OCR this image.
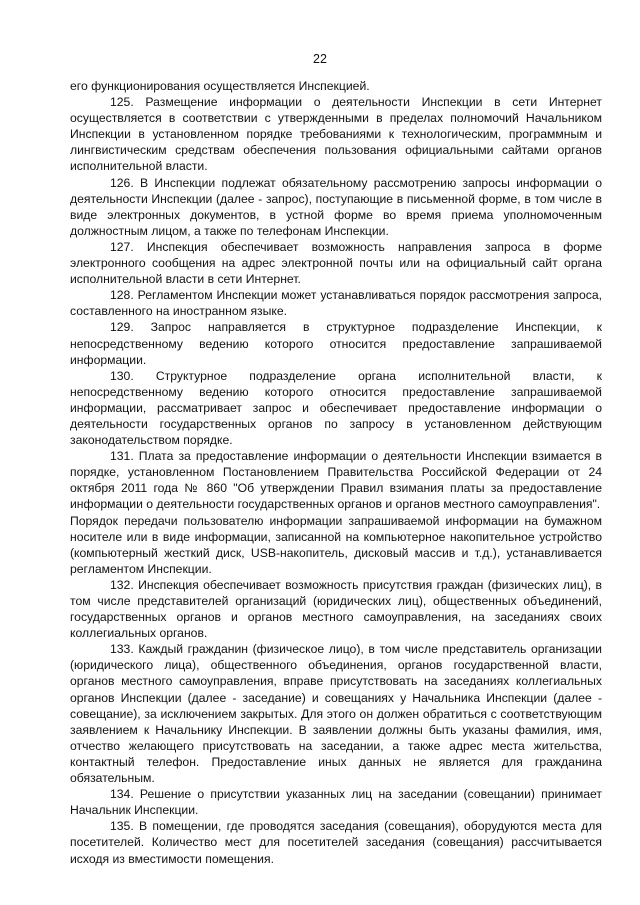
22

его функционирования осуществляется Инспекцией.

125. Размещение информации о деятельности Инспекции в сети Интернет осуществляется в соответствии с утвержденными в пределах полномочий Начальником Инспекции в установленном порядке требованиями к технологическим, программным и лингвистическим средствам обеспечения пользования официальными сайтами органов исполнительной власти.

126. В Инспекции подлежат обязательному рассмотрению запросы информации о деятельности Инспекции (далее - запрос), поступающие в письменной форме, в том числе в виде электронных документов, в устной форме во время приема уполномоченным должностным лицом, а также по телефонам Инспекции.

127. Инспекция обеспечивает возможность направления запроса в форме электронного сообщения на адрес электронной почты или на официальный сайт органа исполнительной власти в сети Интернет.

128. Регламентом Инспекции может устанавливаться порядок рассмотрения запроса, составленного на иностранном языке.

129. Запрос направляется в структурное подразделение Инспекции, к непосредственному ведению которого относится предоставление запрашиваемой информации.

130. Структурное подразделение органа исполнительной власти, к непосредственному ведению которого относится предоставление запрашиваемой информации, рассматривает запрос и обеспечивает предоставление информации о деятельности государственных органов по запросу в установленном действующим законодательством порядке.

131. Плата за предоставление информации о деятельности Инспекции взимается в порядке, установленном Постановлением Правительства Российской Федерации от 24 октября 2011 года № 860 "Об утверждении Правил взимания платы за предоставление информации о деятельности государственных органов и органов местного самоуправления".

Порядок передачи пользователю информации запрашиваемой информации на бумажном носителе или в виде информации, записанной на компьютерное накопительное устройство (компьютерный жесткий диск, USB-накопитель, дисковый массив и т.д.), устанавливается регламентом Инспекции.

132. Инспекция обеспечивает возможность присутствия граждан (физических лиц), в том числе представителей организаций (юридических лиц), общественных объединений, государственных органов и органов местного самоуправления, на заседаниях своих коллегиальных органов.

133. Каждый гражданин (физическое лицо), в том числе представитель организации (юридического лица), общественного объединения, органов государственной власти, органов местного самоуправления, вправе присутствовать на заседаниях коллегиальных органов Инспекции (далее - заседание) и совещаниях у Начальника Инспекции (далее - совещание), за исключением закрытых. Для этого он должен обратиться с соответствующим заявлением к Начальнику Инспекции. В заявлении должны быть указаны фамилия, имя, отчество желающего присутствовать на заседании, а также адрес места жительства, контактный телефон. Предоставление иных данных не является для гражданина обязательным.

134. Решение о присутствии указанных лиц на заседании (совещании) принимает Начальник Инспекции.

135. В помещении, где проводятся заседания (совещания), оборудуются места для посетителей. Количество мест для посетителей заседания (совещания) рассчитывается исходя из вместимости помещения.
